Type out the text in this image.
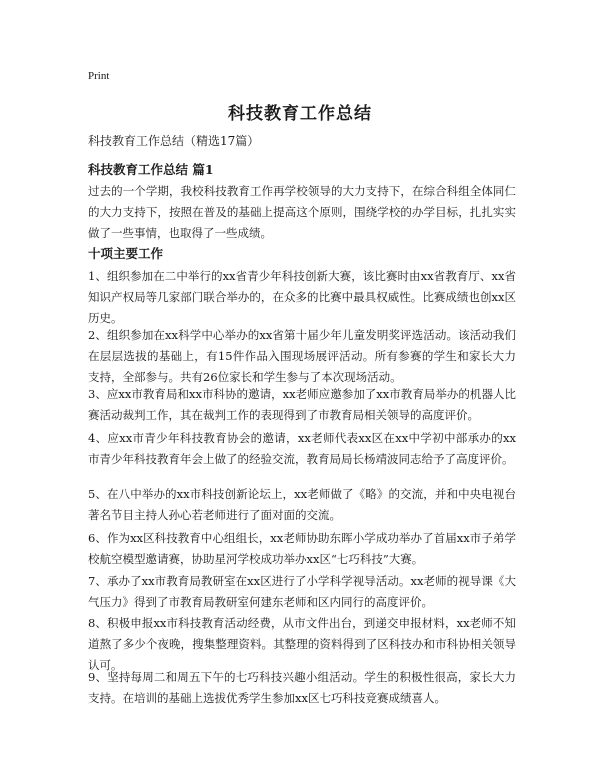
Print
科技教育工作总结
科技教育工作总结（精选17篇）
科技教育工作总结 篇1
过去的一个学期，我校科技教育工作再学校领导的大力支持下，在综合科组全体同仁的大力支持下，按照在普及的基础上提高这个原则，围绕学校的办学目标，扎扎实实做了一些事情，也取得了一些成绩。
十项主要工作
1、组织参加在二中举行的xx省青少年科技创新大赛，该比赛时由xx省教育厅、xx省知识产权局等几家部门联合举办的，在众多的比赛中最具权威性。比赛成绩也创xx区历史。
2、组织参加在xx科学中心举办的xx省第十届少年儿童发明奖评选活动。该活动我们在层层选拔的基础上，有15件作品入围现场展评活动。所有参赛的学生和家长大力支持，全部参与。共有26位家长和学生参与了本次现场活动。
3、应xx市教育局和xx市科协的邀请，xx老师应邀参加了xx市教育局举办的机器人比赛活动裁判工作，其在裁判工作的表现得到了市教育局相关领导的高度评价。
4、应xx市青少年科技教育协会的邀请，xx老师代表xx区在xx中学初中部承办的xx市青少年科技教育年会上做了的经验交流，教育局局长杨靖波同志给予了高度评价。
5、在八中举办的xx市科技创新论坛上，xx老师做了《略》的交流，并和中央电视台著名节目主持人孙心若老师进行了面对面的交流。
6、作为xx区科技教育中心组组长，xx老师协助东晖小学成功举办了首届xx市子弟学校航空模型邀请赛，协助星河学校成功举办xx区“七巧科技”大赛。
7、承办了xx市教育局教研室在xx区进行了小学科学视导活动。xx老师的视导课《大气压力》得到了市教育局教研室何建东老师和区内同行的高度评价。
8、积极申报xx市科技教育活动经费，从市文件出台，到递交申报材料，xx老师不知道熬了多少个夜晚，搜集整理资料。其整理的资料得到了区科技办和市科协相关领导认可。
9、坚持每周二和周五下午的七巧科技兴趣小组活动。学生的积极性很高，家长大力支持。在培训的基础上选拔优秀学生参加xx区七巧科技竞赛成绩喜人。
